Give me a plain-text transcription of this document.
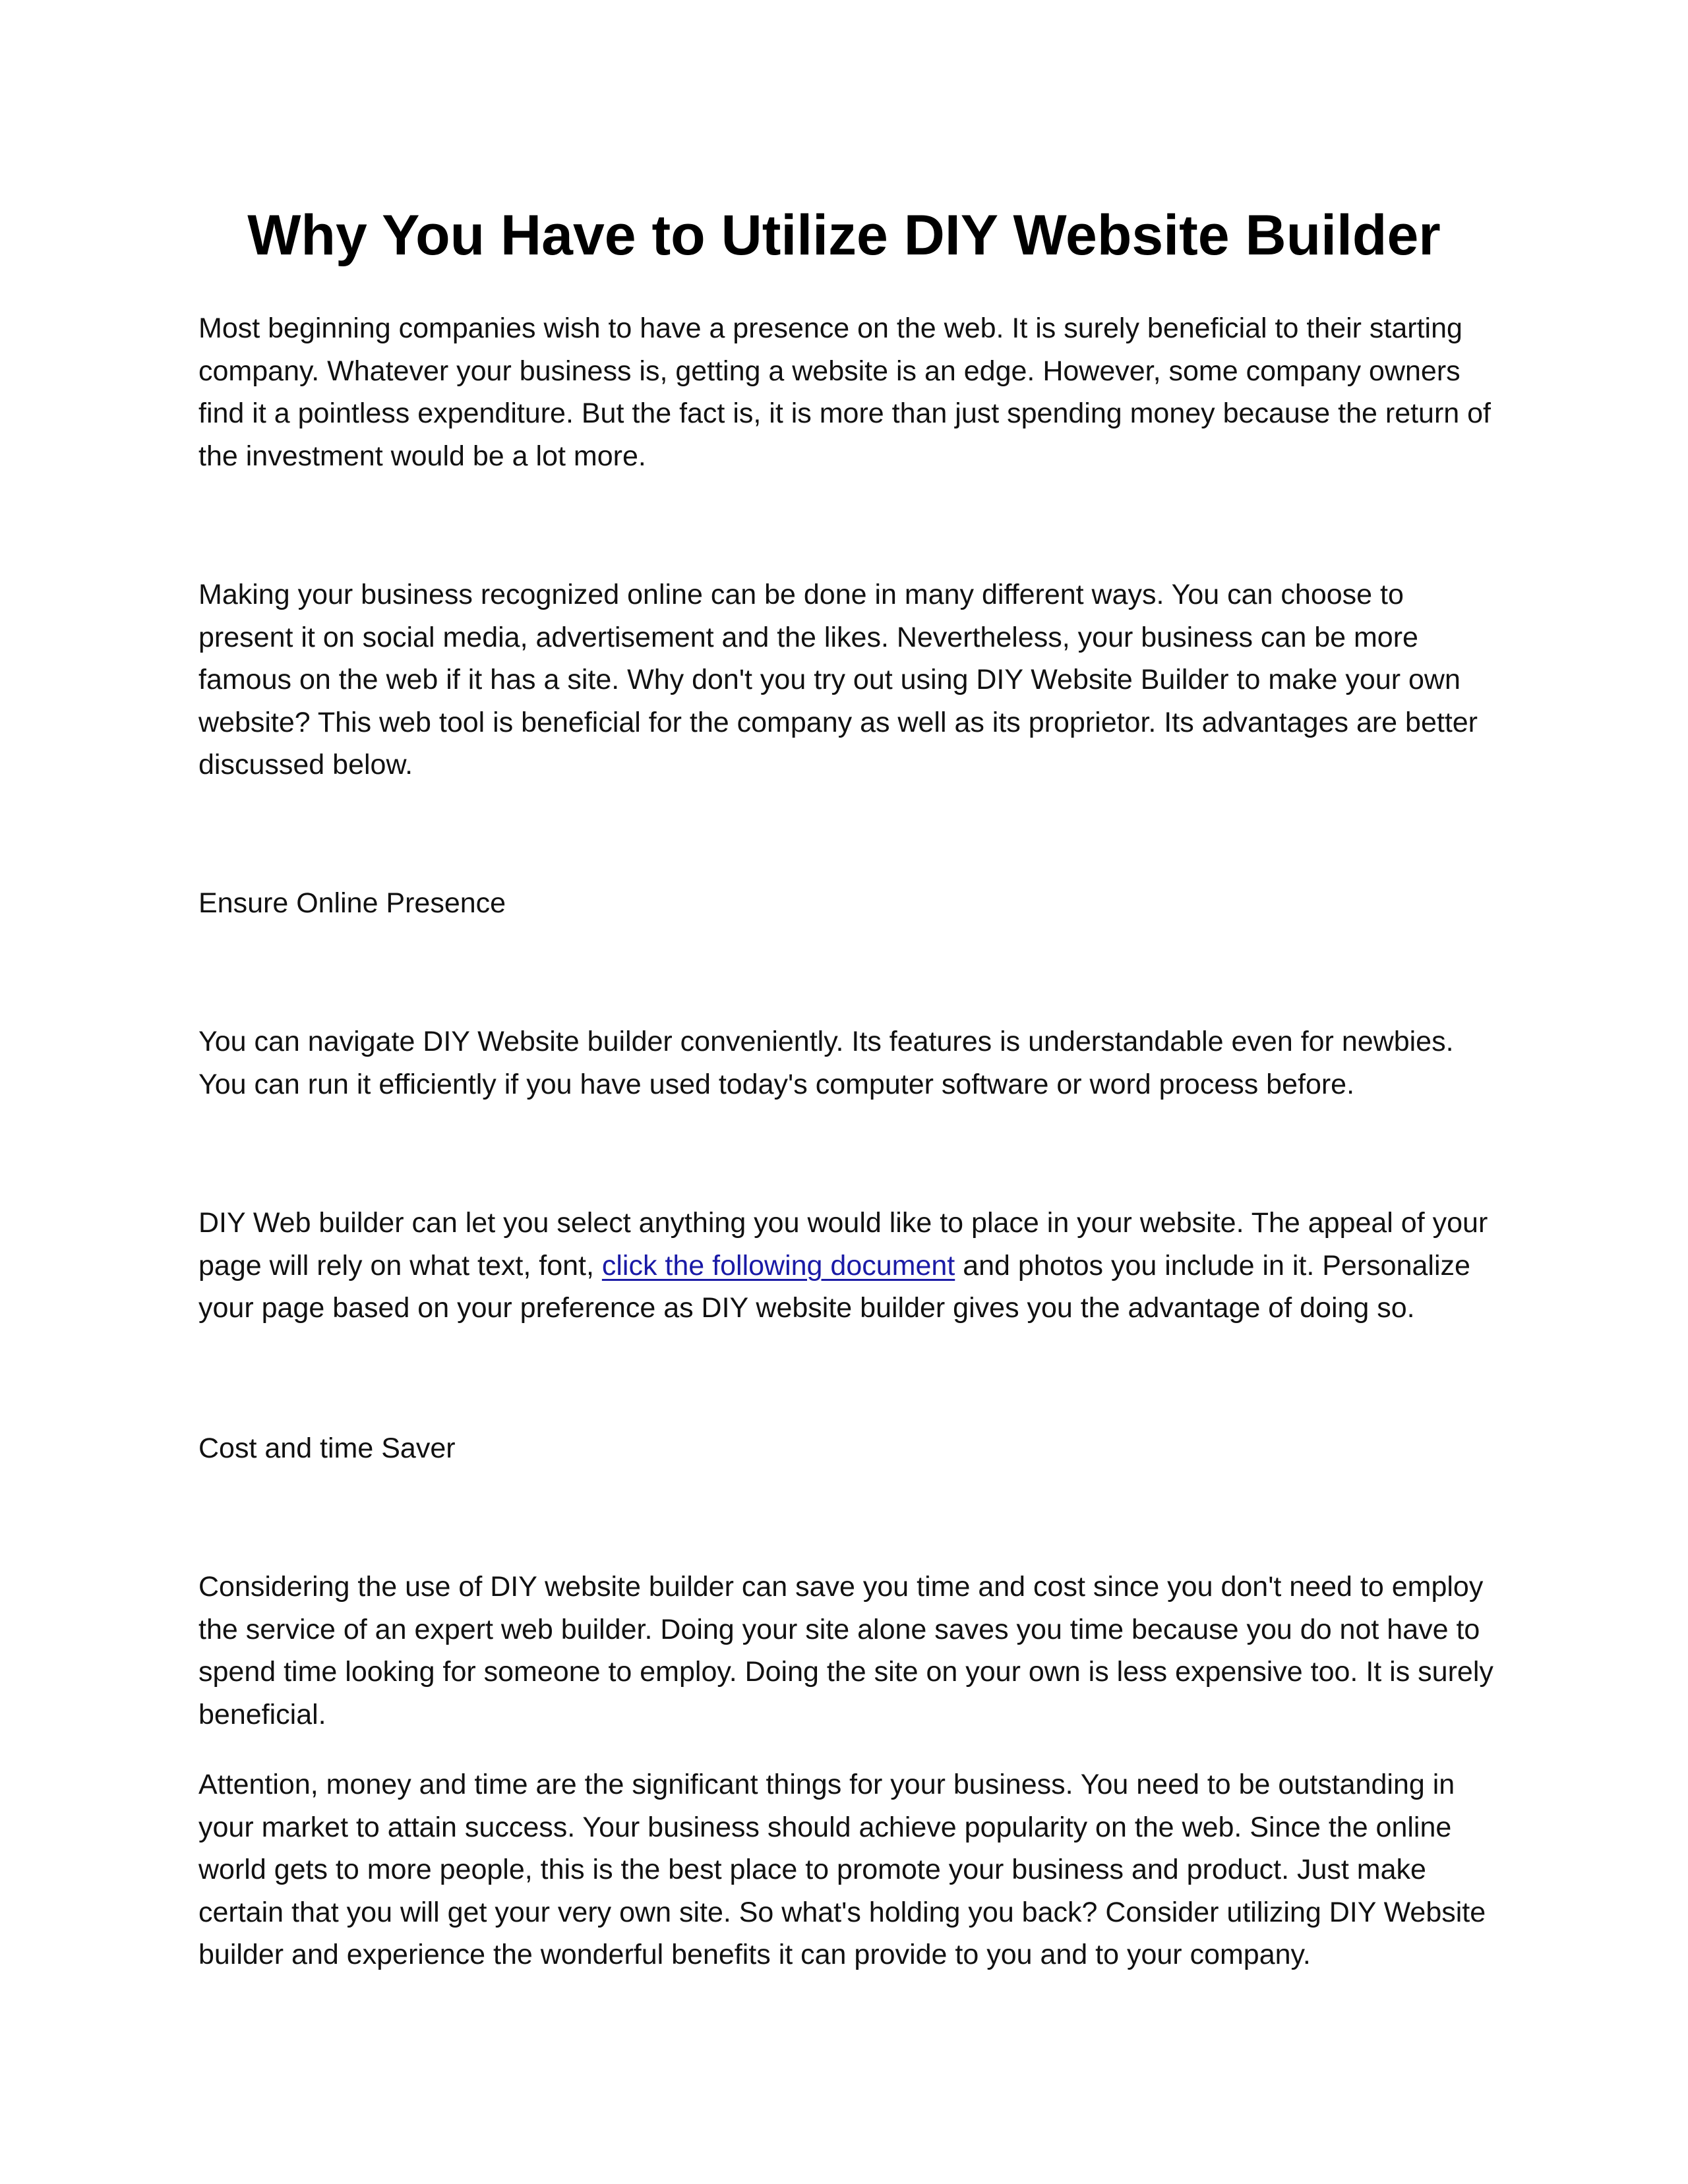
Why You Have to Utilize DIY Website Builder

Most beginning companies wish to have a presence on the web. It is surely beneficial to their starting company. Whatever your business is, getting a website is an edge. However, some company owners find it a pointless expenditure. But the fact is, it is more than just spending money because the return of the investment would be a lot more.

Making your business recognized online can be done in many different ways. You can choose to present it on social media, advertisement and the likes. Nevertheless, your business can be more famous on the web if it has a site. Why don't you try out using DIY Website Builder to make your own website? This web tool is beneficial for the company as well as its proprietor. Its advantages are better discussed below.

Ensure Online Presence

You can navigate DIY Website builder conveniently. Its features is understandable even for newbies. You can run it efficiently if you have used today's computer software or word process before.

DIY Web builder can let you select anything you would like to place in your website. The appeal of your page will rely on what text, font, click the following document and photos you include in it. Personalize your page based on your preference as DIY website builder gives you the advantage of doing so.

Cost and time Saver

Considering the use of DIY website builder can save you time and cost since you don't need to employ the service of an expert web builder. Doing your site alone saves you time because you do not have to spend time looking for someone to employ. Doing the site on your own is less expensive too. It is surely beneficial.

Attention, money and time are the significant things for your business. You need to be outstanding in your market to attain success. Your business should achieve popularity on the web. Since the online world gets to more people, this is the best place to promote your business and product. Just make certain that you will get your very own site. So what's holding you back? Consider utilizing DIY Website builder and experience the wonderful benefits it can provide to you and to your company.
